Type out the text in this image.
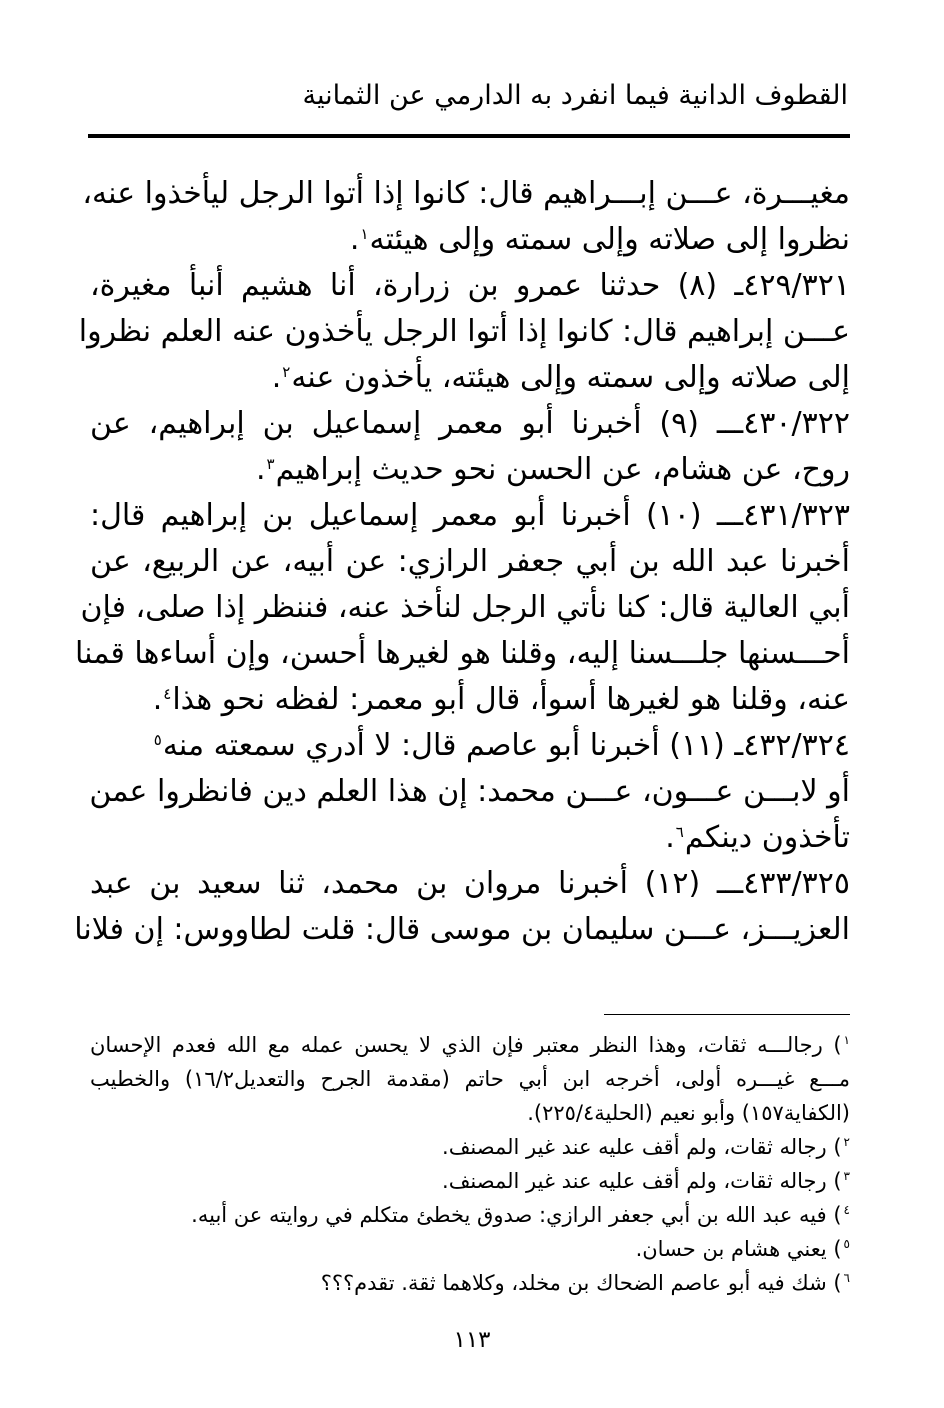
القطوف الدانية فيما انفرد به الدارمي عن الثمانية
مغيـــرة، عـــن إبـــراهيم قال: كانوا إذا أتوا الرجل ليأخذوا عنه،
نظروا إلى صلاته وإلى سمته وإلى هيئته$^١$.
٤٢٩/٣٢١ـ (٨) حدثنا عمرو بن زرارة، أنا هشيم أنبأ مغيرة،
عـــن إبراهيم قال: كانوا إذا أتوا الرجل يأخذون عنه العلم نظروا
إلى صلاته وإلى سمته وإلى هيئته، يأخذون عنه$^٢$.
٤٣٠/٣٢٢ـــ (٩) أخبرنا أبو معمر إسماعيل بن إبراهيم، عن
روح، عن هشام، عن الحسن نحو حديث إبراهيم$^٣$.
٤٣١/٣٢٣ـــ (١٠) أخبرنا أبو معمر إسماعيل بن إبراهيم قال:
أخبرنا عبد الله بن أبي جعفر الرازي: عن أبيه، عن الربيع، عن
أبي العالية قال: كنا نأتي الرجل لنأخذ عنه، فننظر إذا صلى، فإن
أحـــسنها جلـــسنا إليه، وقلنا هو لغيرها أحسن، وإن أساءها قمنا
عنه، وقلنا هو لغيرها أسوأ، قال أبو معمر: لفظه نحو هذا$^٤$.
٤٣٢/٣٢٤ـ (١١) أخبرنا أبو عاصم قال: لا أدري سمعته منه$^٥$
أو لابـــن عـــون، عـــن محمد: إن هذا العلم دين فانظروا عمن
تأخذون دينكم$^٦$.
٤٣٣/٣٢٥ـــ (١٢) أخبرنا مروان بن محمد، ثنا سعيد بن عبد
العزيـــز، عـــن سليمان بن موسى قال: قلت لطاووس: إن فلانا
$^١$) رجالـــه ثقات، وهذا النظر معتبر فإن الذي لا يحسن عمله مع الله فعدم الإحسان
مـــع غيـــره أولى، أخرجه ابن أبي حاتم (مقدمة الجرح والتعديل١٦/٢) والخطيب
(الكفاية١٥٧) وأبو نعيم (الحلية٢٢٥/٤).
$^٢$) رجاله ثقات، ولم أقف عليه عند غير المصنف.
$^٣$) رجاله ثقات، ولم أقف عليه عند غير المصنف.
$^٤$) فيه عبد الله بن أبي جعفر الرازي: صدوق يخطئ متكلم في روايته عن أبيه.
$^٥$) يعني هشام بن حسان.
$^٦$) شك فيه أبو عاصم الضحاك بن مخلد، وكلاهما ثقة. تقدم؟؟؟
١١٣
